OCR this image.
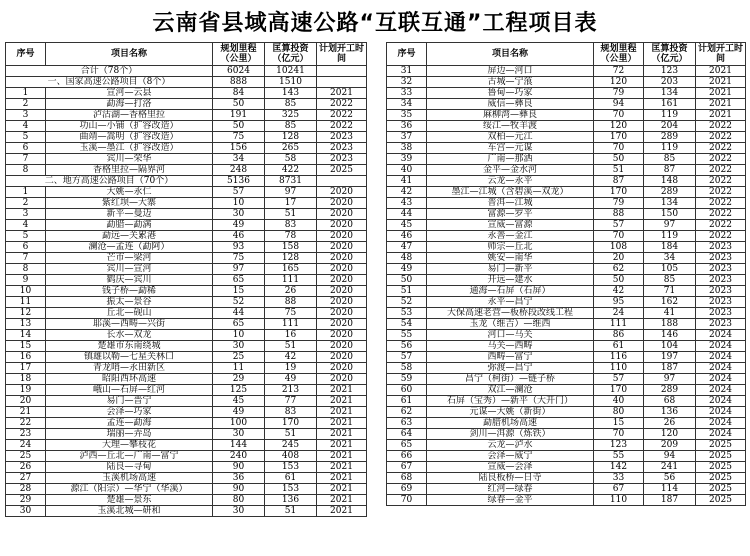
云南省县域高速公路“互联互通”工程项目表
序号	项目名称	规划里程（公里）	匡算投资（亿元）	计划开工时间
合计（78个）		6024	10241	
一、国家高速公路项目（8个）		888	1510	
1	宣河—云县	84	143	2021
2	勐海—打洛	50	85	2022
3	泸沽湖—香格里拉	191	325	2022
4	功山—小铺（扩容改造）	50	85	2022
5	曲靖—嵩明（扩容改造）	75	128	2023
6	玉溪—墨江（扩容改造）	156	265	2023
7	宾川—荣华	34	58	2023
8	香格里拉—隔界河	248	422	2025
二、地方高速公路项目（70个）		5136	8731	
1	大姚—永仁	57	97	2020
2	紫红坝—大寨	10	17	2020
3	新平—曼迈	30	51	2020
4	勐腊—勐满	49	83	2020
5	勐远—关累港	46	78	2020
6	澜沧—孟连（勐阿）	93	158	2020
7	芒市—梁河	75	128	2020
8	宾川—宣河	97	165	2020
9	鹤庆—宾川	65	111	2020
10	钱子桥—勐稀	15	26	2020
11	振太—景谷	52	88	2020
12	丘北—砚山	44	75	2020
13	耶溪—西畴—兴街	65	111	2020
14	长水—双龙	10	16	2020
15	楚雄市东南绕城	30	51	2020
16	镇雄以勒—七星关林口	25	42	2020
17	青龙哨—永田新区	11	19	2020
18	昭阳西环高速	29	49	2020
19	峨山—石屏—红河	125	213	2021
20	易门—晋宁	45	77	2021
21	会泽—巧家	49	83	2021
22	孟连—勐海	100	170	2021
23	瑞丽—弄岛	30	51	2021
24	大理—攀枝花	144	245	2021
25	泸西—丘北—广南—富宁	240	408	2021
26	陆良—寻甸	90	153	2021
27	玉溪机场高速	36	61	2021
28	源江（阳宗）—华宁（华溪）	90	153	2021
29	楚雄—景东	80	136	2021
30	玉溪北城—研和	30	51	2021
序号	项目名称	规划里程（公里）	匡算投资（亿元）	计划开工时间
31	屏边—河口	72	123	2021
32	古城—宁蒗	120	203	2021
33	鲁甸—巧家	79	134	2021
34	威信—彝良	94	161	2021
35	麻柳湾—彝良	70	119	2021
36	绥江—牧羊渡	120	204	2022
37	双柏—元江	170	289	2022
38	车宫—元谋	70	119	2022
39	广南—那洒	50	85	2022
40	金平—金水河	51	87	2022
41	云龙—永平	87	148	2022
42	墨江—江城（含碧溪—双龙）	170	289	2022
43	普洱—江城	79	134	2022
44	富源—罗平	88	150	2022
45	宣威—富源	57	97	2022
46	永善—金江	70	119	2022
47	师宗—丘北	108	184	2023
48	姚安—南华	20	34	2023
49	易门—新平	62	105	2023
50	开远—建水	50	85	2023
51	通海—石屏（石屏）	42	71	2023
52	永平—昌宁	95	162	2023
53	大保高速老营—板桥段改线工程	24	41	2023
54	玉龙（维吉）—维西	111	188	2023
55	河口—马关	86	146	2024
56	马关—西畴	61	104	2024
57	西畴—富宁	116	197	2024
58	弥渡—昌宁	110	187	2024
59	昌宁（柯街）—链子桥	57	97	2024
60	双江—澜沧	170	289	2024
61	石屏（宝秀）—新平（大开门）	40	68	2024
62	元谋—大姚（新街）	80	136	2024
63	勐腊机场高速	15	26	2024
64	剑川—洱源（炼铁）	70	120	2024
65	云龙—泸水	123	209	2025
66	会泽—威宁	55	94	2025
67	宣威—会泽	142	241	2025
68	陆良板桥—日寺	33	56	2025
69	红河—绿春	67	114	2025
70	绿春—金平	110	187	2025
